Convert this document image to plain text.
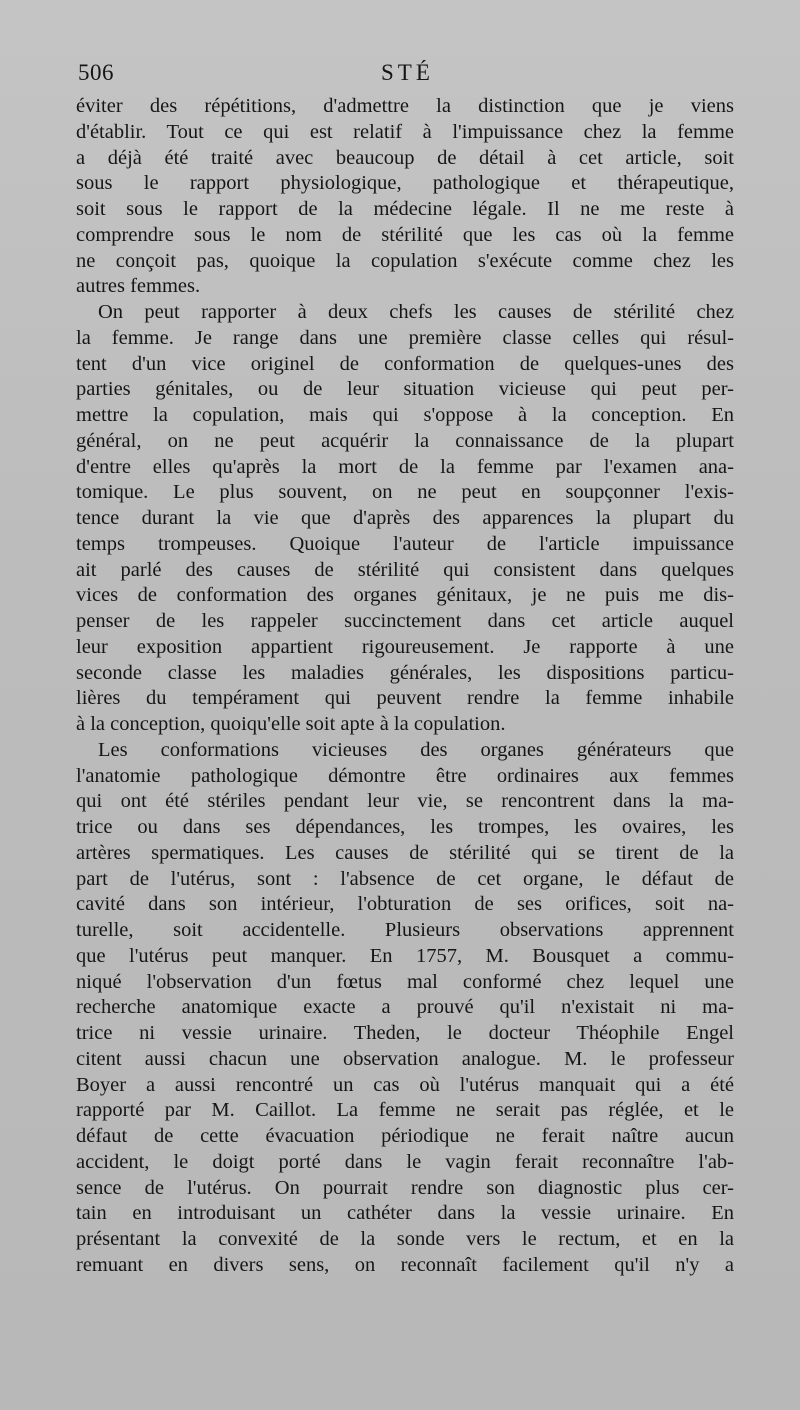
506	STÉ
éviter des répétitions, d'admettre la distinction que je viens
d'établir. Tout ce qui est relatif à l'impuissance chez la femme
a déjà été traité avec beaucoup de détail à cet article, soit
sous le rapport physiologique, pathologique et thérapeutique,
soit sous le rapport de la médecine légale. Il ne me reste à
comprendre sous le nom de stérilité que les cas où la femme
ne conçoit pas, quoique la copulation s'exécute comme chez les
autres femmes.
On peut rapporter à deux chefs les causes de stérilité chez
la femme. Je range dans une première classe celles qui résul-
tent d'un vice originel de conformation de quelques-unes des
parties génitales, ou de leur situation vicieuse qui peut per-
mettre la copulation, mais qui s'oppose à la conception. En
général, on ne peut acquérir la connaissance de la plupart
d'entre elles qu'après la mort de la femme par l'examen ana-
tomique. Le plus souvent, on ne peut en soupçonner l'exis-
tence durant la vie que d'après des apparences la plupart du
temps trompeuses. Quoique l'auteur de l'article impuissance
ait parlé des causes de stérilité qui consistent dans quelques
vices de conformation des organes génitaux, je ne puis me dis-
penser de les rappeler succinctement dans cet article auquel
leur exposition appartient rigoureusement. Je rapporte à une
seconde classe les maladies générales, les dispositions particu-
lières du tempérament qui peuvent rendre la femme inhabile
à la conception, quoiqu'elle soit apte à la copulation.
Les conformations vicieuses des organes générateurs que
l'anatomie pathologique démontre être ordinaires aux femmes
qui ont été stériles pendant leur vie, se rencontrent dans la ma-
trice ou dans ses dépendances, les trompes, les ovaires, les
artères spermatiques. Les causes de stérilité qui se tirent de la
part de l'utérus, sont : l'absence de cet organe, le défaut de
cavité dans son intérieur, l'obturation de ses orifices, soit na-
turelle, soit accidentelle. Plusieurs observations apprennent
que l'utérus peut manquer. En 1757, M. Bousquet a commu-
niqué l'observation d'un fœtus mal conformé chez lequel une
recherche anatomique exacte a prouvé qu'il n'existait ni ma-
trice ni vessie urinaire. Theden, le docteur Théophile Engel
citent aussi chacun une observation analogue. M. le professeur
Boyer a aussi rencontré un cas où l'utérus manquait qui a été
rapporté par M. Caillot. La femme ne serait pas réglée, et le
défaut de cette évacuation périodique ne ferait naître aucun
accident, le doigt porté dans le vagin ferait reconnaître l'ab-
sence de l'utérus. On pourrait rendre son diagnostic plus cer-
tain en introduisant un cathéter dans la vessie urinaire. En
présentant la convexité de la sonde vers le rectum, et en la
remuant en divers sens, on reconnaît facilement qu'il n'y a
